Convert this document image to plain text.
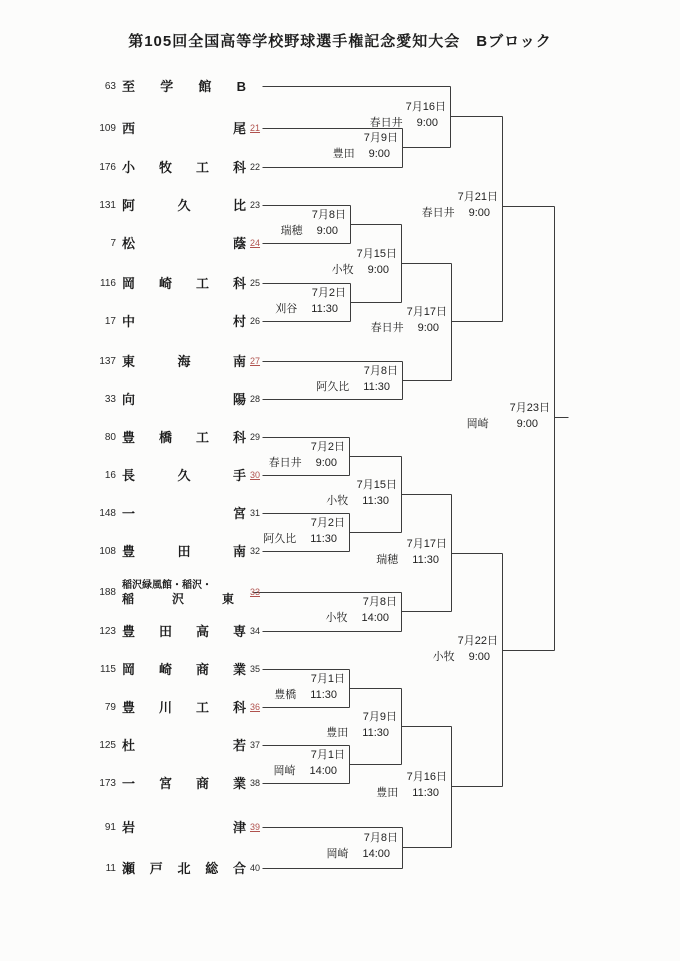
第105回全国高等学校野球選手権記念愛知大会　Bブロック
63 至　学　館　B
109 西　尾 21
176 小　牧　工　科 22
131 阿　久　比 23
7 松　蔭 24
116 岡　崎　工　科 25
17 中　村 26
137 東　海　南 27
33 向　陽 28
80 豊　橋　工　科 29
16 長　久　手 30
148 一　宮 31
108 豊　田　南 32
188
稲沢緑風館・稲沢・
稲　沢　東 33
123 豊　田　高　専 34
115 岡　崎　商　業 35
79 豊　川　工　科 36
125 杜　若 37
173 一　宮　商　業 38
91 岩　津 39
11 瀬　戸　北　総　合 40
7月9日
豊田 9:00
7月16日
春日井 9:00
7月8日
瑞穂 9:00
7月2日
刈谷 11:30
7月15日
小牧 9:00
7月8日
阿久比 11:30
7月17日
春日井 9:00
7月21日
春日井 9:00
7月2日
春日井 9:00
7月2日
阿久比 11:30
7月15日
小牧 11:30
7月8日
小牧 14:00
7月17日
瑞穂 11:30
7月1日
豊橋 11:30
7月1日
岡崎 14:00
7月9日
豊田 11:30
7月8日
岡崎 14:00
7月16日
豊田 11:30
7月22日
小牧 9:00
7月23日
岡崎	9:00
